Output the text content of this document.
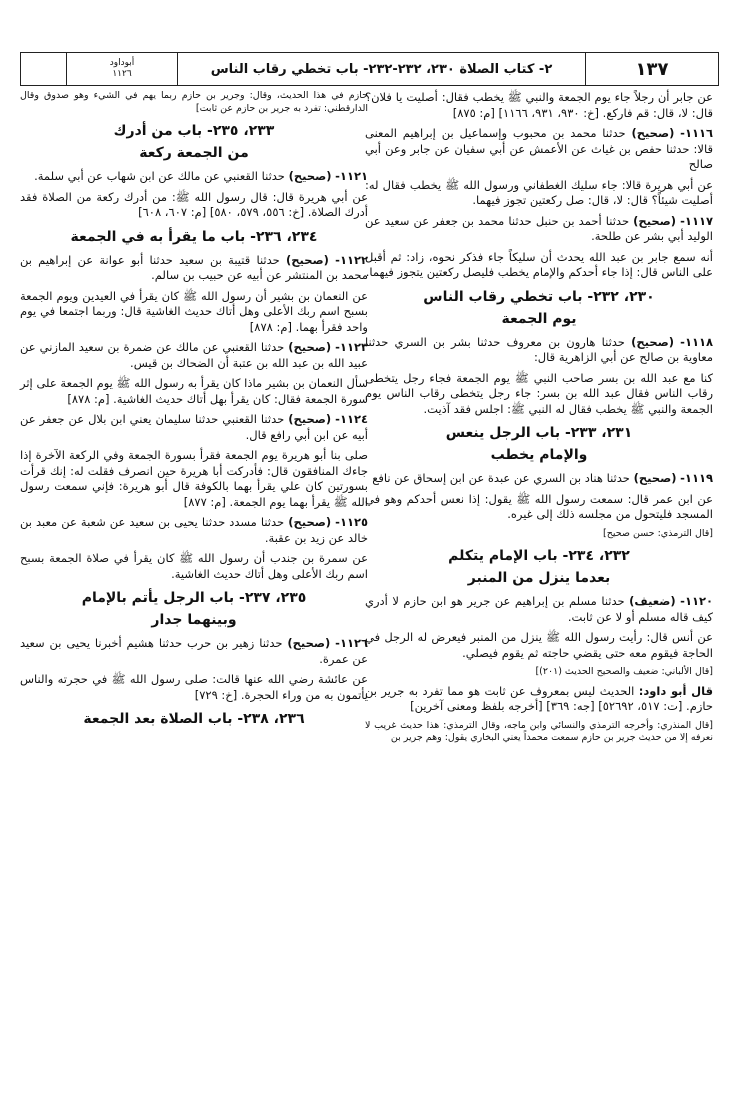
أبوداود
١١٢٦	٢- كتاب الصلاة ٢٣٠، ٢٣٢-٢٣٢- باب تخطي رقاب الناس	١٣٧

عن جابر أن رجلاً جاء يوم الجمعة والنبي ﷺ يخطب فقال: أصليت يا فلان؟ قال: لا، قال: قم فاركع. [خ: ٩٣٠، ٩٣١، ١١٦٦] [م: ٨٧٥]

١١١٦- (صحيح) حدثنا محمد بن محبوب وإسماعيل بن إبراهيم المعنى قالا: حدثنا حفص بن غياث عن الأعمش عن أبي سفيان عن جابر وعن أبي صالح

عن أبي هريرة قالا: جاء سليك الغطفاني ورسول الله ﷺ يخطب فقال له: أصليت شيئاً؟ قال: لا، قال: صل ركعتين تجوز فيهما.

١١١٧- (صحيح) حدثنا أحمد بن حنبل حدثنا محمد بن جعفر عن سعيد عن الوليد أبي بشر عن طلحة.

أنه سمع جابر بن عبد الله يحدث أن سليكاً جاء فذكر نحوه، زاد: ثم أقبل على الناس قال: إذا جاء أحدكم والإمام يخطب فليصل ركعتين يتجوز فيهما.

٢٣٠، ٢٣٢- باب تخطي رقاب الناس
يوم الجمعة

١١١٨- (صحيح) حدثنا هارون بن معروف حدثنا بشر بن السري حدثنا معاوية بن صالح عن أبي الزاهرية قال:

كنا مع عبد الله بن بسر صاحب النبي ﷺ يوم الجمعة فجاء رجل يتخطى رقاب الناس فقال عبد الله بن بسر: جاء رجل يتخطى رقاب الناس يوم الجمعة والنبي ﷺ يخطب فقال له النبي ﷺ: اجلس فقد آذيت.

٢٣١، ٢٣٣- باب الرجل ينعس
والإمام يخطب

١١١٩- (صحيح) حدثنا هناد بن السري عن عبدة عن ابن إسحاق عن نافع

عن ابن عمر قال: سمعت رسول الله ﷺ يقول: إذا نعس أحدكم وهو في المسجد فليتحول من مجلسه ذلك إلى غيره.

[قال الترمذي: حسن صحيح]

٢٣٢، ٢٣٤- باب الإمام يتكلم
بعدما ينزل من المنبر

١١٢٠- (ضعيف) حدثنا مسلم بن إبراهيم عن جرير هو ابن حازم لا أدري كيف قاله مسلم أو لا عن ثابت.

عن أنس قال: رأيت رسول الله ﷺ ينزل من المنبر فيعرض له الرجل في الحاجة فيقوم معه حتى يقضي حاجته ثم يقوم فيصلي.

[قال الألباني: ضعيف والصحيح الحديث (٢٠١)]

قال أبو داود: الحديث ليس بمعروف عن ثابت هو مما تفرد به جرير بن حازم. [ت: ٥١٧، ٥٢٦٩٢] [جه: ٣٦٩] [أخرجه بلفظ ومعنى آخرين]

[قال المنذري: وأخرجه الترمذي والنسائي وابن ماجه، وقال الترمذي: هذا حديث غريب لا نعرفه إلا من حديث جرير بن حازم سمعت محمداً يعني البخاري يقول: وهم جرير بن

حازم في هذا الحديث، وقال: وجرير بن حازم ربما يهم في الشيء وهو صدوق وقال الدارقطني: تفرد به جرير بن حازم عن ثابت]

٢٣٣، ٢٣٥- باب من أدرك
من الجمعة ركعة

١١٢١- (صحيح) حدثنا القعنبي عن مالك عن ابن شهاب عن أبي سلمة.

عن أبي هريرة قال: قال رسول الله ﷺ: من أدرك ركعة من الصلاة فقد أدرك الصلاة. [خ: ٥٥٦، ٥٧٩، ٥٨٠] [م: ٦٠٧، ٦٠٨]

٢٣٤، ٢٣٦- باب ما يقرأ به في الجمعة

١١٢٢- (صحيح) حدثنا قتيبة بن سعيد حدثنا أبو عوانة عن إبراهيم بن محمد بن المنتشر عن أبيه عن حبيب بن سالم.

عن النعمان بن بشير أن رسول الله ﷺ كان يقرأ في العيدين ويوم الجمعة بسبح اسم ربك الأعلى وهل أتاك حديث الغاشية قال: وربما اجتمعا في يوم واحد فقرأ بهما. [م: ٨٧٨]

١١٢٣- (صحيح) حدثنا القعنبي عن مالك عن ضمرة بن سعيد المازني عن عبيد الله بن عبد الله بن عتبة أن الضحاك بن قيس.

سأل النعمان بن بشير ماذا كان يقرأ به رسول الله ﷺ يوم الجمعة على إثر سورة الجمعة فقال: كان يقرأ بهل أتاك حديث الغاشية. [م: ٨٧٨]

١١٢٤- (صحيح) حدثنا القعنبي حدثنا سليمان يعني ابن بلال عن جعفر عن أبيه عن ابن أبي رافع قال.

صلى بنا أبو هريرة يوم الجمعة فقرأ بسورة الجمعة وفي الركعة الآخرة إذا جاءك المنافقون قال: فأدركت أبا هريرة حين انصرف فقلت له: إنك قرأت بسورتين كان علي يقرأ بهما بالكوفة قال أبو هريرة: فإني سمعت رسول الله ﷺ يقرأ بهما يوم الجمعة. [م: ٨٧٧]

١١٢٥- (صحيح) حدثنا مسدد حدثنا يحيى بن سعيد عن شعبة عن معبد بن خالد عن زيد بن عقبة.

عن سمرة بن جندب أن رسول الله ﷺ كان يقرأ في صلاة الجمعة بسبح اسم ربك الأعلى وهل أتاك حديث الغاشية.

٢٣٥، ٢٣٧- باب الرجل يأتم بالإمام
وبينهما جدار

١١٢٦- (صحيح) حدثنا زهير بن حرب حدثنا هشيم أخبرنا يحيى بن سعيد عن عمرة.

عن عائشة رضي الله عنها قالت: صلى رسول الله ﷺ في حجرته والناس يأتمون به من وراء الحجرة. [خ: ٧٢٩]

٢٣٦، ٢٣٨- باب الصلاة بعد الجمعة
